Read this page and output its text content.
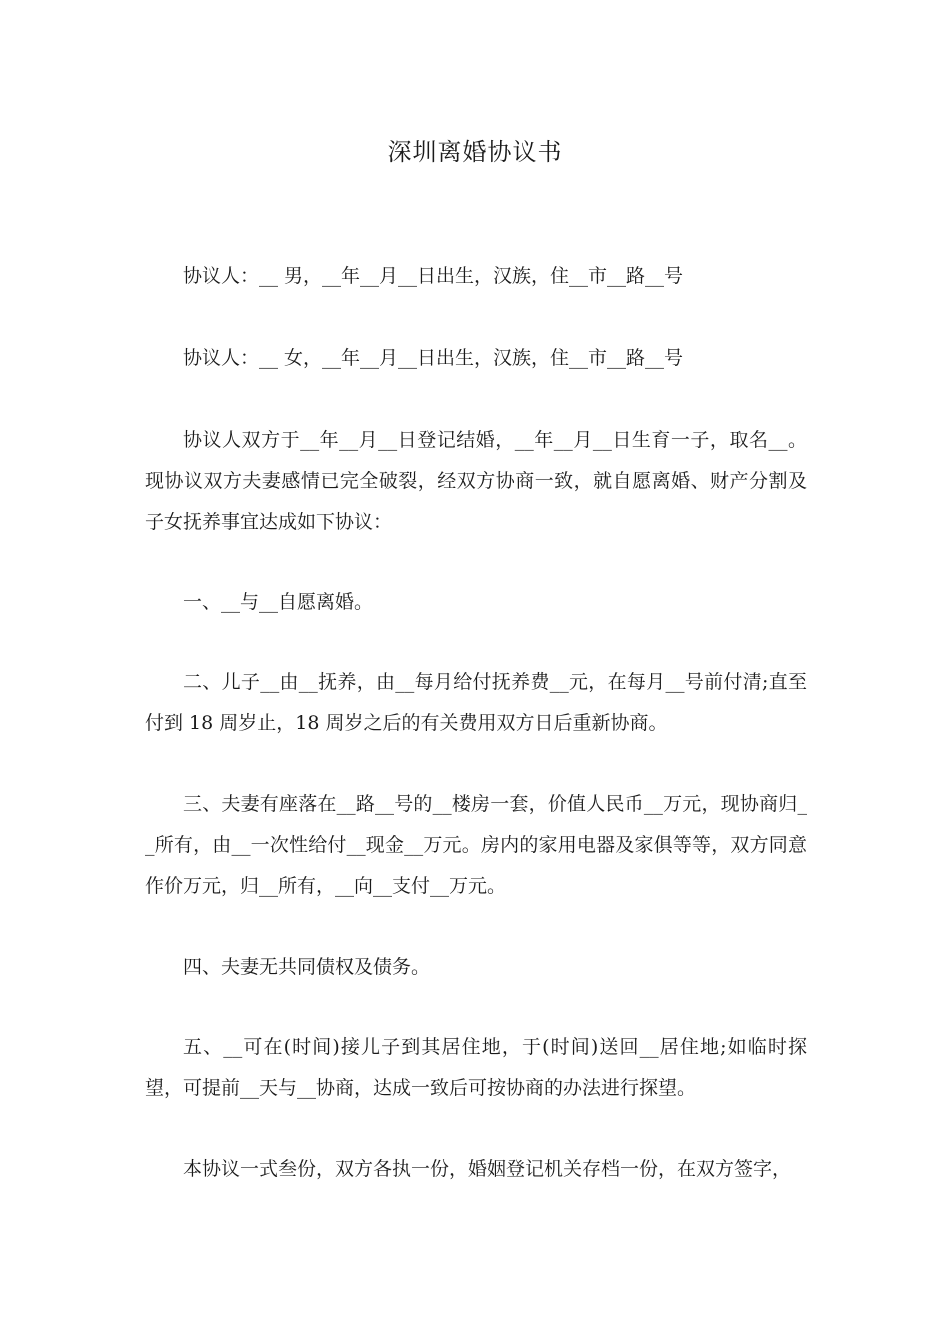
深圳离婚协议书
协议人：__ 男，__年__月__日出生，汉族，住__市__路__号
协议人：__ 女，__年__月__日出生，汉族，住__市__路__号
协议人双方于__年__月__日登记结婚，__年__月__日生育一子，取名__。现协议双方夫妻感情已完全破裂，经双方协商一致，就自愿离婚、财产分割及子女抚养事宜达成如下协议：
一、__与__自愿离婚。
二、儿子__由__抚养，由__每月给付抚养费__元，在每月__号前付清;直至付到 18 周岁止，18 周岁之后的有关费用双方日后重新协商。
三、夫妻有座落在__路__号的__楼房一套，价值人民币__万元，现协商归__所有，由__一次性给付__现金__万元。房内的家用电器及家俱等等，双方同意作价万元，归__所有，__向__支付__万元。
四、夫妻无共同债权及债务。
五、__可在(时间)接儿子到其居住地，于(时间)送回__居住地;如临时探望，可提前__天与__协商，达成一致后可按协商的办法进行探望。
本协议一式叁份，双方各执一份，婚姻登记机关存档一份，在双方签字，
